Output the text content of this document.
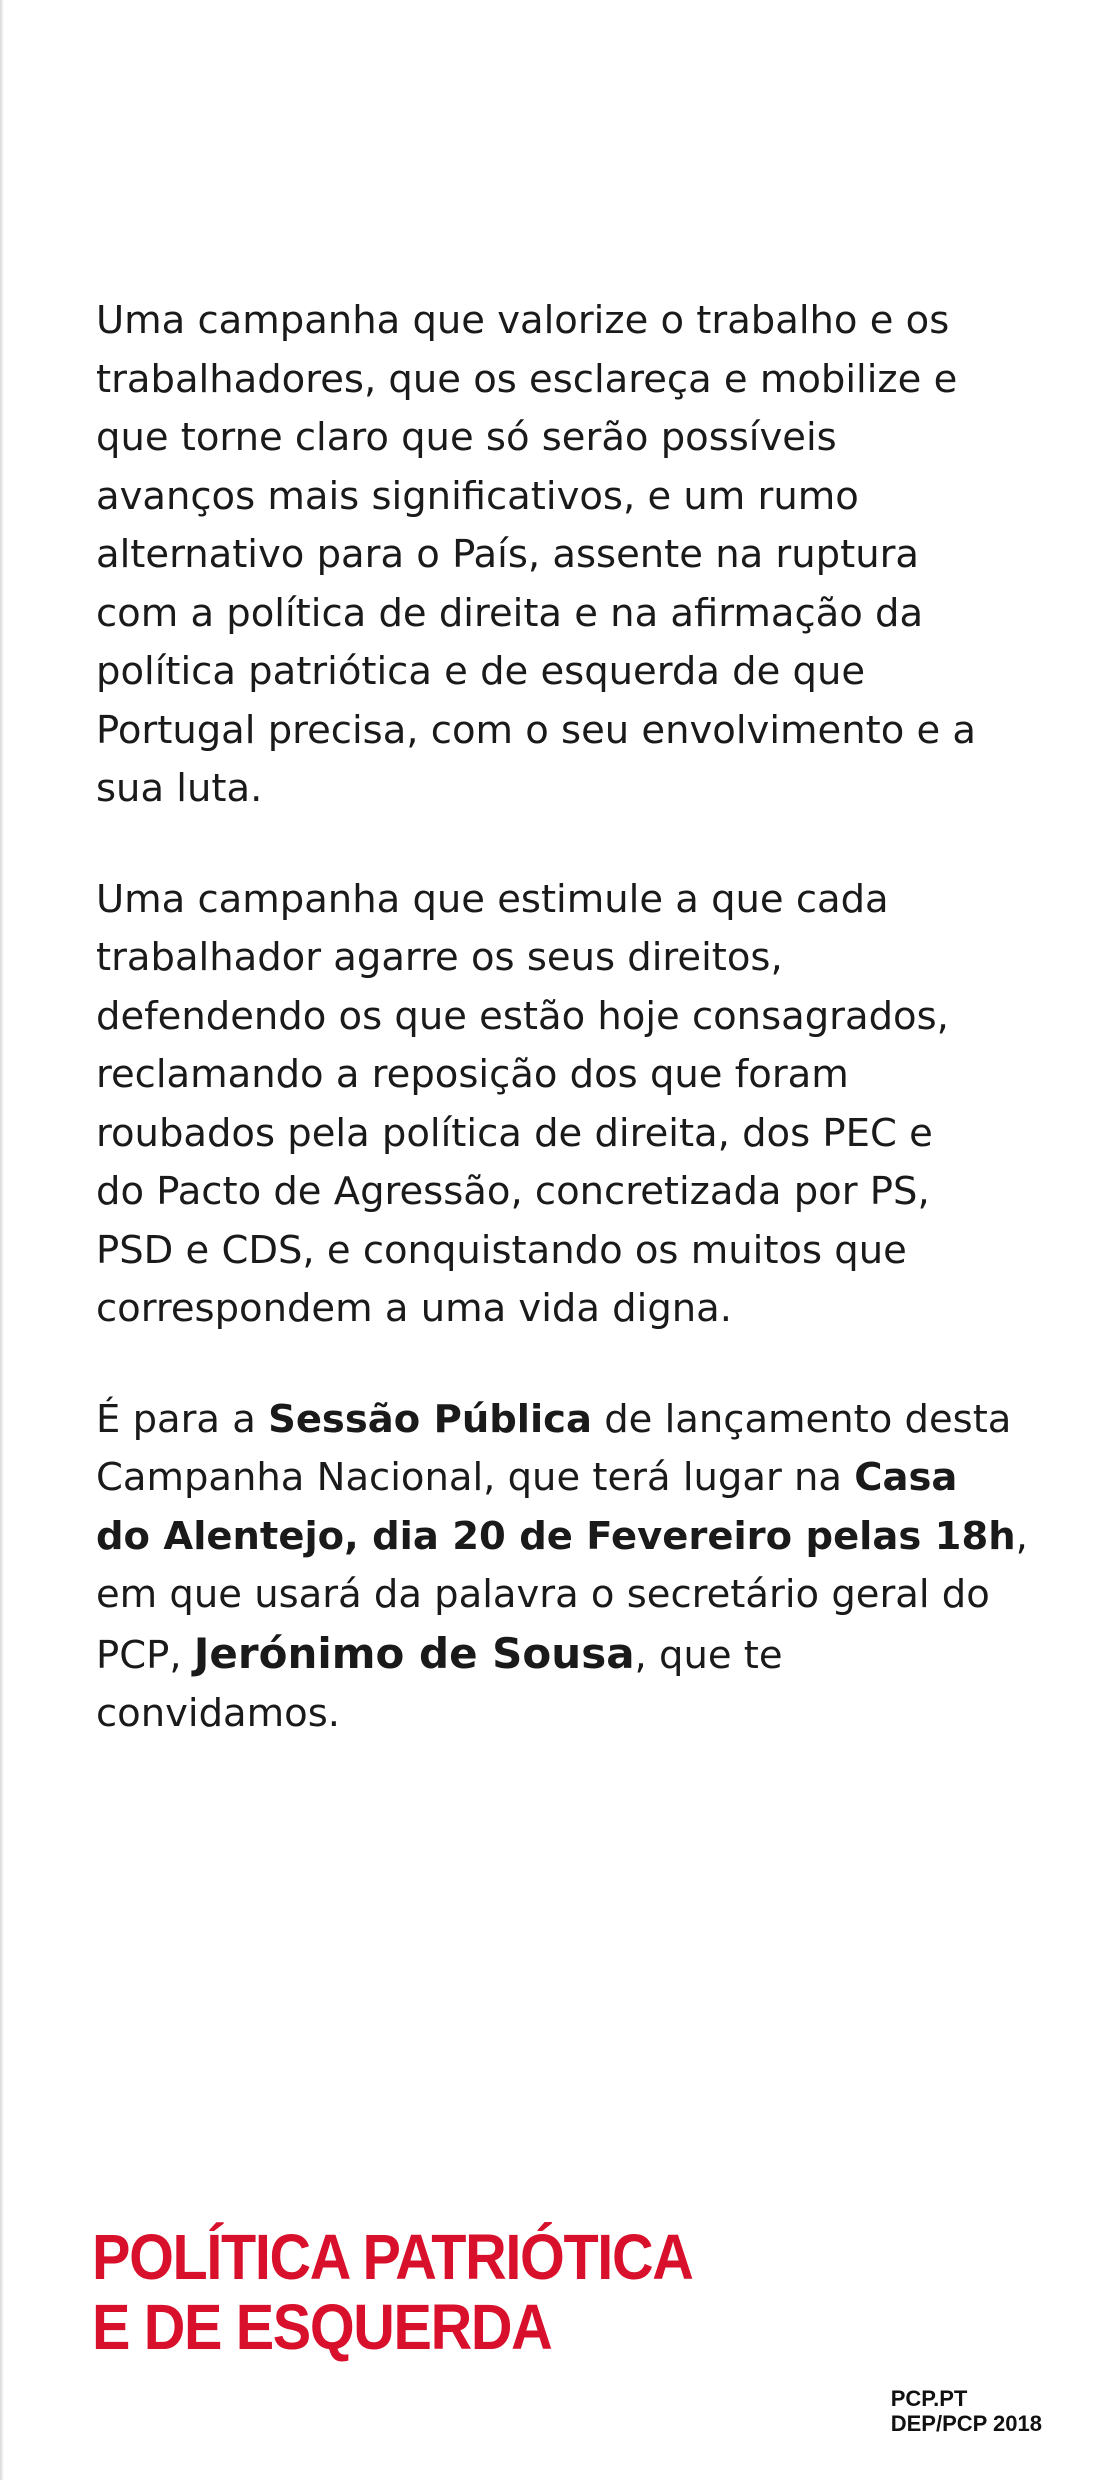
Uma campanha que valorize o trabalho e os
trabalhadores, que os esclareça e mobilize e
que torne claro que só serão possíveis
avanços mais significativos, e um rumo
alternativo para o País, assente na ruptura
com a política de direita e na afirmação da
política patriótica e de esquerda de que
Portugal precisa, com o seu envolvimento e a
sua luta.

Uma campanha que estimule a que cada
trabalhador agarre os seus direitos,
defendendo os que estão hoje consagrados,
reclamando a reposição dos que foram
roubados pela política de direita, dos PEC e
do Pacto de Agressão, concretizada por PS,
PSD e CDS, e conquistando os muitos que
correspondem a uma vida digna.

É para a Sessão Pública de lançamento desta
Campanha Nacional, que terá lugar na Casa
do Alentejo, dia 20 de Fevereiro pelas 18h,
em que usará da palavra o secretário geral do
PCP, Jerónimo de Sousa, que te
convidamos.

POLÍTICA PATRIÓTICA
E DE ESQUERDA
PCP.PT
DEP/PCP 2018
